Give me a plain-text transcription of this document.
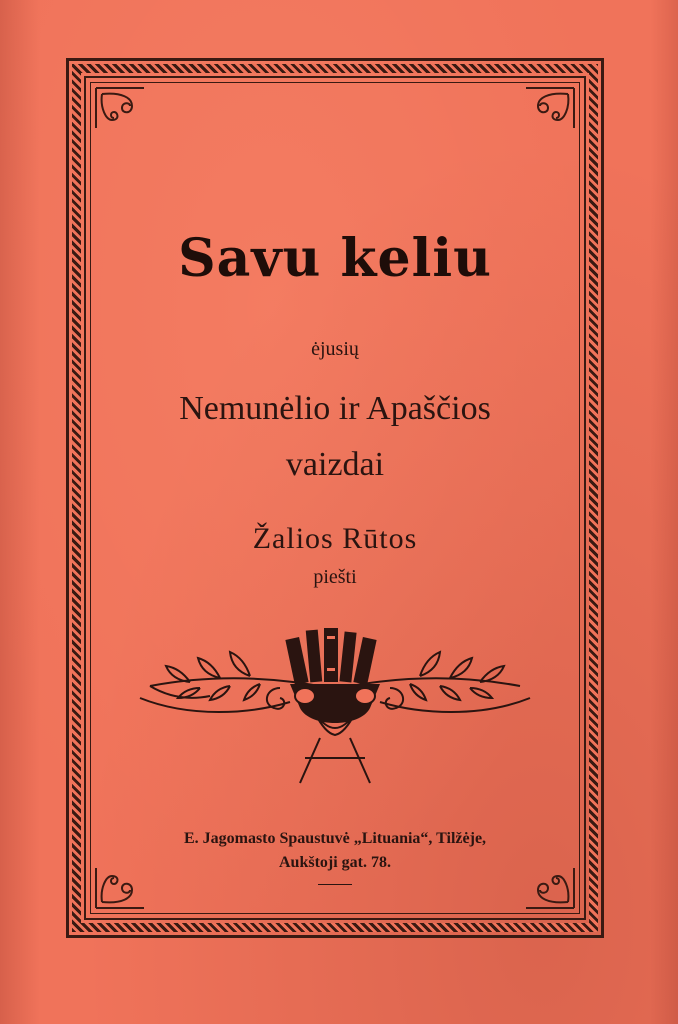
Savu keliu
ėjusių
Nemunėlio ir Apaščios
vaizdai
Žalios Rūtos
piešti
E. Jagomasto Spaustuvė „Lituania“, Tilžėje,
Aukštoji gat. 78.
